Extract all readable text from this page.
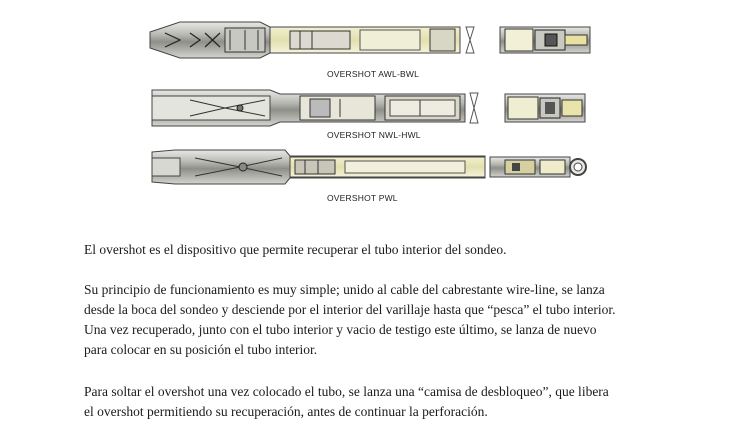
OVERSHOT AWL-BWL
OVERSHOT NWL-HWL
OVERSHOT PWL

El overshot es el dispositivo que permite recuperar el tubo interior del sondeo.

Su principio de funcionamiento es muy simple; unido al cable del cabrestante wire-line, se lanza
desde la boca del sondeo y desciende por el interior del varillaje hasta que “pesca” el tubo interior.
Una vez recuperado, junto con el tubo interior y vacio de testigo este último, se lanza de nuevo
para colocar en su posición el tubo interior.

Para soltar el overshot una vez colocado el tubo, se lanza una “camisa de desbloqueo”, que libera
el overshot permitiendo su recuperación, antes de continuar la perforación.
